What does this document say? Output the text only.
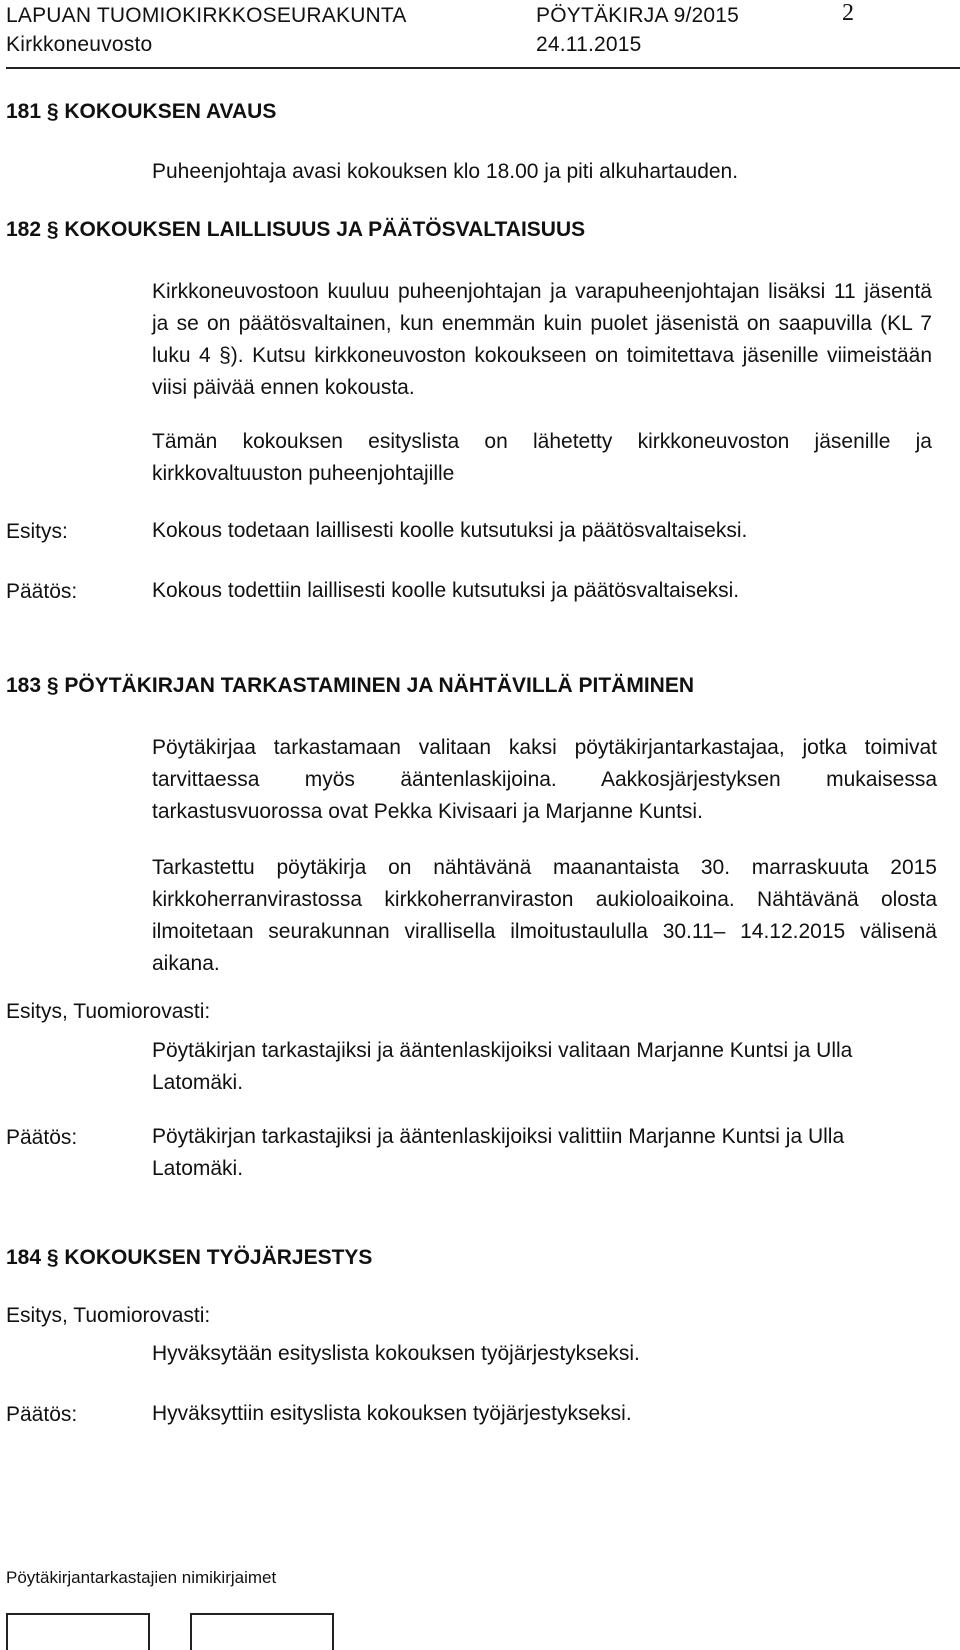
LAPUAN TUOMIOKIRKKOSEURAKUNTA	PÖYTÄKIRJA 9/2015	2
Kirkkoneuvosto	24.11.2015
181 § KOKOUKSEN AVAUS
Puheenjohtaja avasi kokouksen klo 18.00 ja piti alkuhartauden.
182 § KOKOUKSEN LAILLISUUS JA PÄÄTÖSVALTAISUUS
Kirkkoneuvostoon kuuluu puheenjohtajan ja varapuheenjohtajan lisäksi 11 jäsentä ja se on päätösvaltainen, kun enemmän kuin puolet jäsenistä on saapuvilla (KL 7 luku 4 §). Kutsu kirkkoneuvoston kokoukseen on toimitettava jäsenille viimeistään viisi päivää ennen kokousta.
Tämän kokouksen esityslista on lähetetty kirkkoneuvoston jäsenille ja kirkkovaltuuston puheenjohtajille
Esitys:	Kokous todetaan laillisesti koolle kutsutuksi ja päätösvaltaiseksi.
Päätös:	Kokous todettiin laillisesti koolle kutsutuksi ja päätösvaltaiseksi.
183 § PÖYTÄKIRJAN TARKASTAMINEN JA NÄHTÄVILLÄ PITÄMINEN
Pöytäkirjaa tarkastamaan valitaan kaksi pöytäkirjantarkastajaa, jotka toimivat tarvittaessa myös ääntenlaskijoina. Aakkosjärjestyksen mukaisessa tarkastusvuorossa ovat Pekka Kivisaari ja Marjanne Kuntsi.
Tarkastettu pöytäkirja on nähtävänä maanantaista 30. marraskuuta 2015 kirkkoherranvirastossa kirkkoherranviraston aukioloaikoina. Nähtävänä olosta ilmoitetaan seurakunnan virallisella ilmoitustaululla 30.11– 14.12.2015 välisenä aikana.
Esitys, Tuomiorovasti:
Pöytäkirjan tarkastajiksi ja ääntenlaskijoiksi valitaan Marjanne Kuntsi ja Ulla Latomäki.
Päätös:	Pöytäkirjan tarkastajiksi ja ääntenlaskijoiksi valittiin Marjanne Kuntsi ja Ulla Latomäki.
184 § KOKOUKSEN TYÖJÄRJESTYS
Esitys, Tuomiorovasti:
Hyväksytään esityslista kokouksen työjärjestykseksi.
Päätös:	Hyväksyttiin esityslista kokouksen työjärjestykseksi.
Pöytäkirjantarkastajien nimikirjaimet
